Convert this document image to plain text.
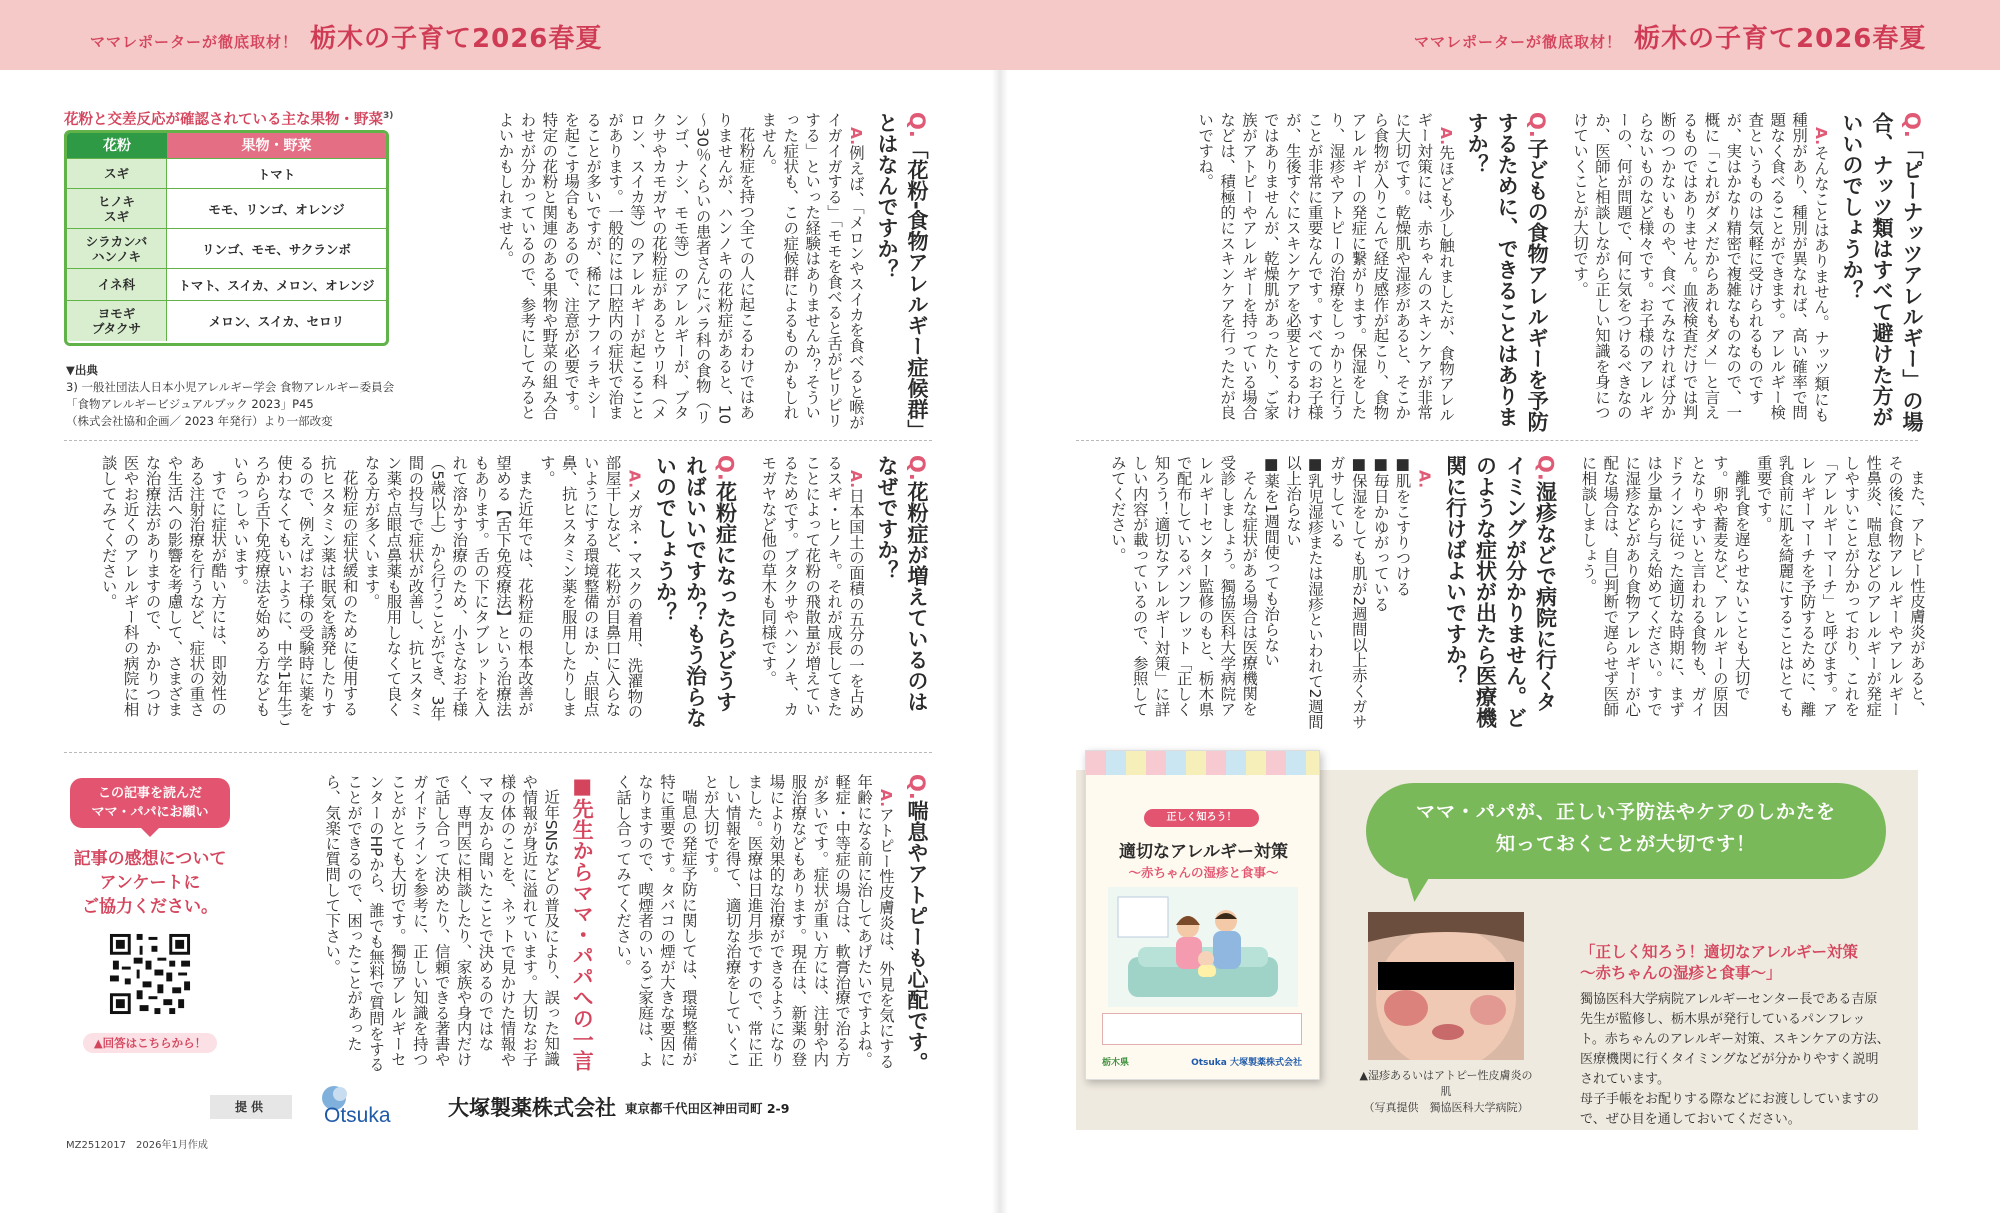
ママレポーターが徹底取材！ 栃木の子育て2026春夏	ママレポーターが徹底取材！ 栃木の子育て2026春夏
Q.「ピーナッツアレルギー」の場合、ナッツ類はすべて避けた方がいいのでしょうか？

A.そんなことはありません。ナッツ類にも種別があり、種別が異なれば、高い確率で問題なく食べることができます。アレルギー検査というものは気軽に受けられるものですが、実はかなり精密で複雑なものなので、一概に「これがダメだからあれもダメ」と言えるものではありません。血液検査だけでは判断のつかないものや、食べてみなければ分からないものなど様々です。お子様のアレルギーの、何が問題で、何に気をつけるべきなのか、医師と相談しながら正しい知識を身につけていくことが大切です。

Q.子どもの食物アレルギーを予防するために、できることはありますか？

A.先ほども少し触れましたが、食物アレルギー対策には、赤ちゃんのスキンケアが非常に大切です。乾燥肌や湿疹があると、そこから食物が入りこんで経皮感作が起こり、食物アレルギーの発症に繋がります。保湿をしたり、湿疹やアトピーの治療をしっかりと行うことが非常に重要なんです。すべてのお子様が、生後すぐにスキンケアを必要とするわけではありませんが、乾燥肌があったり、ご家族がアトピーやアレルギーを持っている場合などは、積極的にスキンケアを行ったたが良いですね。

また、アトピー性皮膚炎があると、その後に食物アレルギーやアレルギー性鼻炎、喘息などのアレルギーが発症しやすいことが分かっており、これを「アレルギーマーチ」と呼びます。アレルギーマーチを予防するために、離乳食前に肌を綺麗にすることはとても重要です。

離乳食を遅らせないことも大切です。卵や蕎麦など、アレルギーの原因となりやすいと言われる食物も、ガイドラインに従った適切な時期に、まずは少量から与え始めてください。すでに湿疹などがあり食物アレルギーが心配な場合は、自己判断で遅らせず医師に相談しましょう。

Q.湿疹などで病院に行くタイミングが分かりません。どのような症状が出たら医療機関に行けばよいですか？

A.

■肌をこすりつける
■毎日かゆがっている
■保湿をしても肌が2週間以上赤くガサガサしている
■乳児湿疹または湿疹といわれて2週間以上治らない
■薬を1週間使っても治らない

そんな症状がある場合は医療機関を受診しましょう。獨協医科大学病院アレルギーセンター監修のもと、栃木県で配布しているパンフレット「正しく知ろう！適切なアレルギー対策」に詳しい内容が載っているので、参照してみてください。

花粉と交差反応が確認されている主な果物・野菜$^{3)}$
花粉	果物・野菜
スギ	トマト
ヒノキ
スギ	モモ、リンゴ、オレンジ
シラカンバ
ハンノキ	リンゴ、モモ、サクランボ
イネ科	トマト、スイカ、メロン、オレンジ
ヨモギ
ブタクサ	メロン、スイカ、セロリ
▼出典
3) 一般社団法人日本小児アレルギー学会 食物アレルギー委員会
「食物アレルギービジュアルブック 2023」P45
（株式会社協和企画／ 2023 年発行）より一部改変
Q.「花粉-食物アレルギー症候群」とはなんですか？

A.例えば、「メロンやスイカを食べると喉がイガイガする」「モモを食べると舌がピリピリする」といった経験はありませんか？そういった症状も、この症候群によるものかもしれません。

花粉症を持つ全ての人に起こるわけではありませんが、ハンノキの花粉症があると、10～30％くらいの患者さんにバラ科の食物（リンゴ、ナシ、モモ等）のアレルギーが、ブタクサやカモガヤの花粉症があるとウリ科（メロン、スイカ等）のアレルギーが起こることがあります。一般的には口腔内の症状で治まることが多いですが、稀にアナフィラキシーを起こす場合もあるので、注意が必要です。特定の花粉と関連のある果物や野菜の組み合わせが分かっているので、参考にしてみるとよいかもしれません。

Q.花粉症が増えているのはなぜですか？

A.日本国土の面積の五分の一を占めるスギ・ヒノキ。それが成長してきたことによって花粉の飛散量が増えているためです。ブタクサやハンノキ、カモガヤなど他の草木も同様です。

Q.花粉症になったらどうすればいいですか？もう治らないのでしょうか？

A.メガネ・マスクの着用、洗濯物の部屋干しなど、花粉が目鼻口に入らないようにする環境整備のほか、点眼点鼻、抗ヒスタミン薬を服用したりします。

また近年では、花粉症の根本改善が望める【舌下免疫療法】という治療法もあります。舌の下にタブレットを入れて溶かす治療のため、小さなお子様（5歳以上）から行うことができ、3年間の投与で症状が改善し、抗ヒスタミン薬や点眼点鼻薬も服用しなくて良くなる方が多くいます。

花粉症の症状緩和のために使用する抗ヒスタミン薬は眠気を誘発したりするので、例えばお子様の受験時に薬を使わなくてもいいように、中学1年生ごろから舌下免疫療法を始める方なども いらっしゃいます。

すでに症状が酷い方には、即効性のある注射治療を行うなど、症状の重さや生活への影響を考慮して、さまざまな治療法がありますので、かかりつけ医やお近くのアレルギー科の病院に相談してみてください。

Q.喘息やアトピーも心配です。

A.アトピー性皮膚炎は、外見を気にする年齢になる前に治してあげたいですよね。軽症・中等症の場合は、軟膏治療で治る方が多いです。症状が重い方には、注射や内服治療などもあります。現在は、新薬の登場により効果的な治療ができるようになりました。医療は日進月歩ですので、常に正しい情報を得て、適切な治療をしていくことが大切です。

喘息の発症予防に関しては、環境整備が特に重要です。タバコの煙が大きな要因になりますので、喫煙者のいるご家庭は、よく話し合ってみてください。

■先生からママ・パパへの一言

近年SNSなどの普及により、誤った知識や情報が身近に溢れています。大切なお子様の体のことを、ネットで見かけた情報やママ友から聞いたことで決めるのではなく、専門医に相談したり、家族や身内だけで話し合って決めたり、信頼できる著書やガイドラインを参考に、正しい知識を持つことがとても大切です。獨協アレルギーセンターのHPから、誰でも無料で質問をすることができるので、困ったことがあったら、気楽に質問して下さい。

この記事を読んだ
ママ・パパにお願い
記事の感想について
アンケートに
ご協力ください。
▲回答はこちらから！
提供	Otsuka	大塚製薬株式会社 東京都千代田区神田司町 2-9
MZ2512017　2026年1月作成
ママ・パパが、正しい予防法やケアのしかたを
知っておくことが大切です！
正しく知ろう！
適切なアレルギー対策
～赤ちゃんの湿疹と食事～
栃木県	Otsuka 大塚製薬株式会社
▲湿疹あるいはアトピー性皮膚炎の肌
（写真提供　獨協医科大学病院）
「正しく知ろう！適切なアレルギー対策
～赤ちゃんの湿疹と食事～」

獨協医科大学病院アレルギーセンター長である吉原先生が監修し、栃木県が発行しているパンフレット。赤ちゃんのアレルギー対策、スキンケアの方法、医療機関に行くタイミングなどが分かりやすく説明されています。

母子手帳をお配りする際などにお渡ししていますので、ぜひ目を通しておいてください。
